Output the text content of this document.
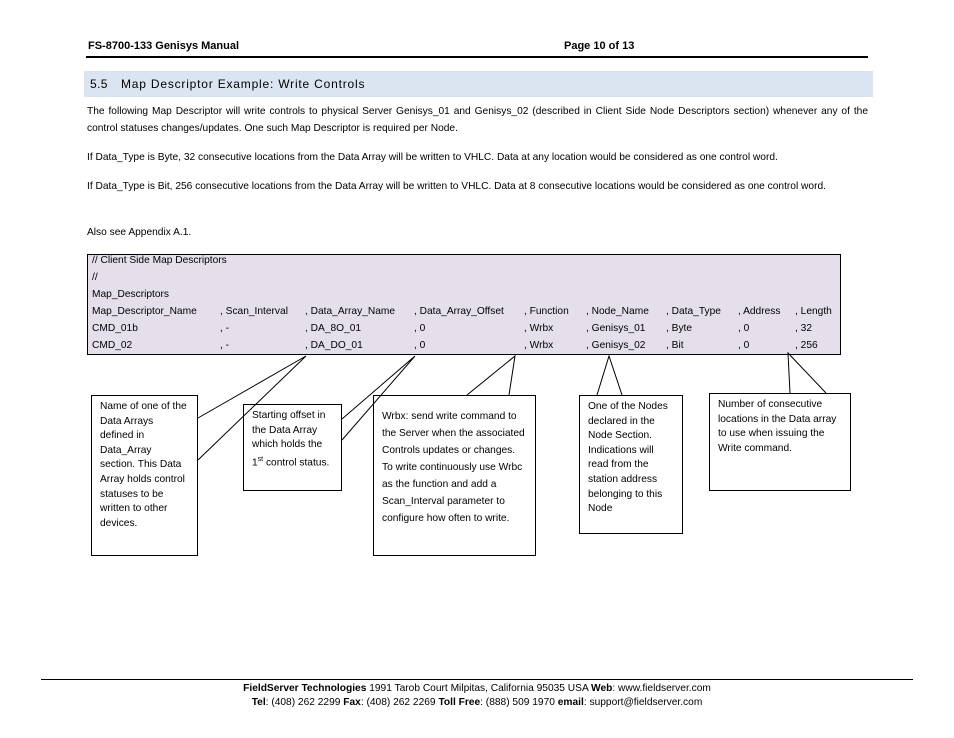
FS-8700-133 Genisys Manual	Page 10 of 13
5.5 Map Descriptor Example: Write Controls
The following Map Descriptor will write controls to physical Server Genisys_01 and Genisys_02 (described in Client Side Node Descriptors section) whenever any of the control statuses changes/updates. One such Map Descriptor is required per Node.
If Data_Type is Byte, 32 consecutive locations from the Data Array will be written to VHLC. Data at any location would be considered as one control word.
If Data_Type is Bit, 256 consecutive locations from the Data Array will be written to VHLC. Data at 8 consecutive locations would be considered as one control word.
Also see Appendix A.1.
// Client Side Map Descriptors
//
Map_Descriptors
Map_Descriptor_Name , Scan_Interval , Data_Array_Name , Data_Array_Offset , Function , Node_Name , Data_Type , Address , Length
CMD_01b	, -	, DA_8O_01	, 0	, Wrbx	, Genisys_01 , Byte	, 0	, 32
CMD_02	, -	, DA_DO_01	, 0	, Wrbx	, Genisys_02 , Bit	, 0	, 256
Name of one of the Data Arrays defined in Data_Array section. This Data Array holds control statuses to be written to other devices.
Starting offset in the Data Array which holds the 1st control status.
Wrbx: send write command to the Server when the associated Controls updates or changes. To write continuously use Wrbc as the function and add a Scan_Interval parameter to configure how often to write.
One of the Nodes declared in the Node Section. Indications will read from the station address belonging to this Node
Number of consecutive locations in the Data array to use when issuing the Write command.
FieldServer Technologies 1991 Tarob Court Milpitas, California 95035 USA Web: www.fieldserver.com
Tel: (408) 262 2299 Fax: (408) 262 2269 Toll Free: (888) 509 1970 email: support@fieldserver.com
